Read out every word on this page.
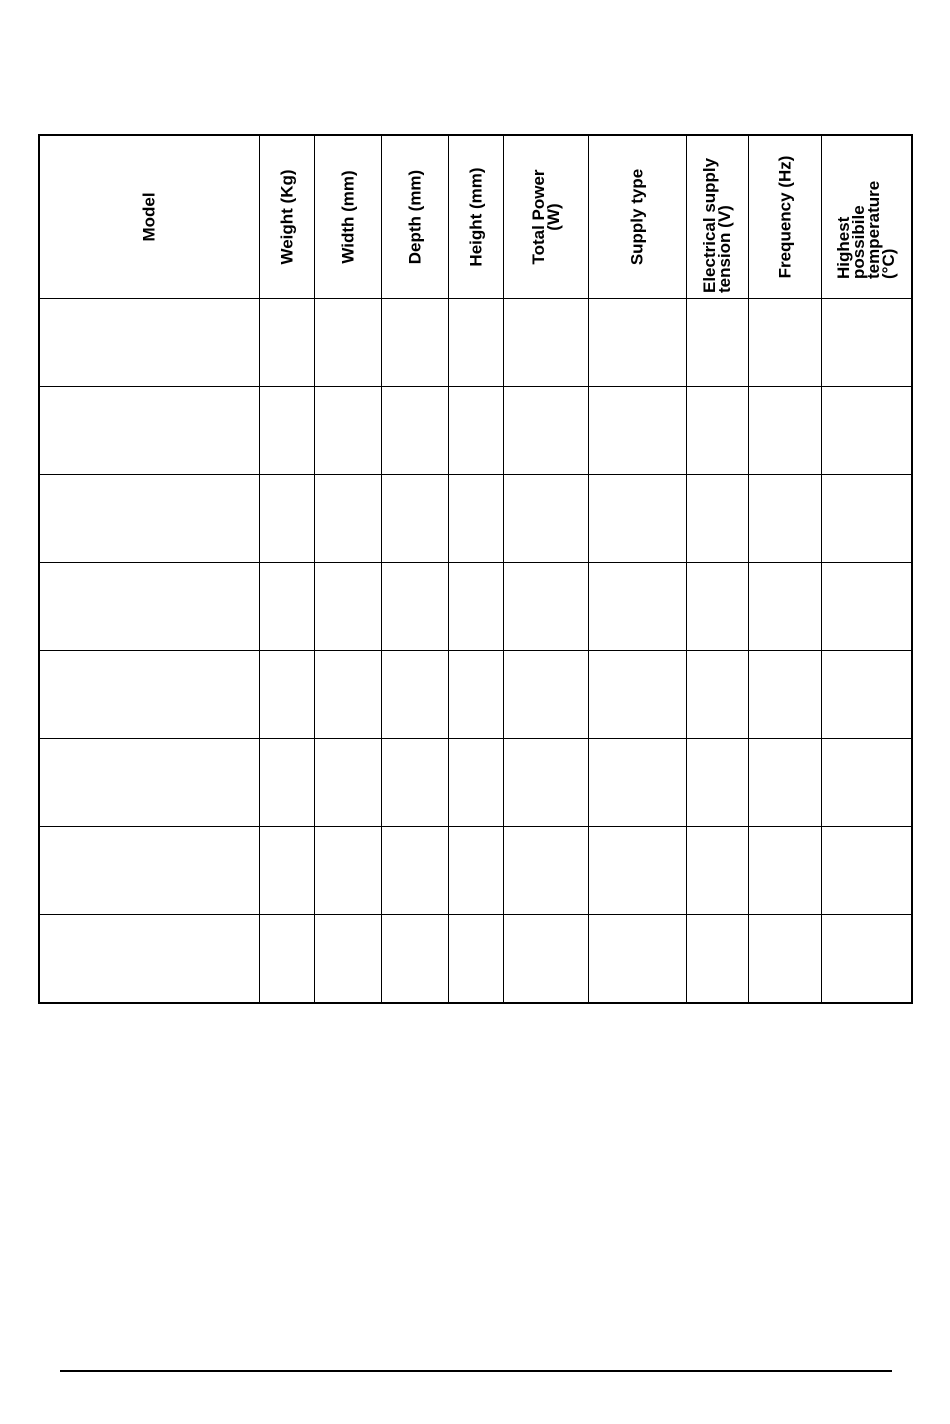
Model	Weight (Kg)	Width (mm)	Depth (mm)	Height (mm)	Total Power (W)	Supply type	Electrical supply tension (V)	Frequency (Hz)	Highest possibile temperature (°C)
